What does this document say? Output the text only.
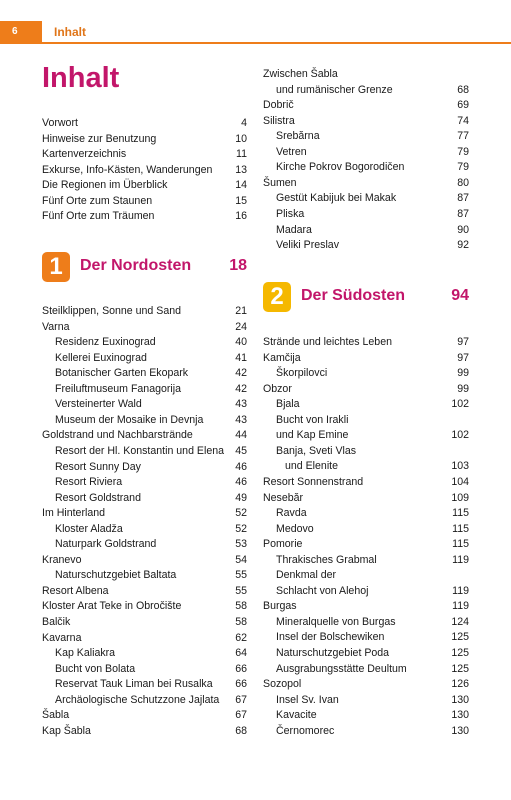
6	Inhalt
Inhalt
Vorwort	4
Hinweise zur Benutzung	10
Kartenverzeichnis	11
Exkurse, Info-Kästen, Wanderungen 13
Die Regionen im Überblick	14
Fünf Orte zum Staunen	15
Fünf Orte zum Träumen	16
1	Der Nordosten 18
Steilklippen, Sonne und Sand	21
Varna	24
Residenz Euxinograd	40
Kellerei Euxinograd	41
Botanischer Garten Ekopark	42
Freiluftmuseum Fanagorija	42
Versteinerter Wald	43
Museum der Mosaike in Devnja	43
Goldstrand und Nachbarstrände	44
Resort der Hl. Konstantin und Elena 45
Resort Sunny Day	46
Resort Riviera	46
Resort Goldstrand	49
Im Hinterland	52
Kloster Aladža	52
Naturpark Goldstrand	53
Kranevo	54
Naturschutzgebiet Baltata	55
Resort Albena	55
Kloster Arat Teke in Obročište	58
Balčik	58
Kavarna	62
Kap Kaliakra	64
Bucht von Bolata	66
Reservat Tauk Liman bei Rusalka 66
Archäologische Schutzzone Jajlata 67
Šabla	67
Kap Šabla	68
Zwischen Šabla
und rumänischer Grenze	68
Dobrič	69
Silistra	74
Srebărna	77
Vetren	79
Kirche Pokrov Bogorodičen	79
Šumen	80
Gestüt Kabijuk bei Makak	87
Pliska	87
Madara	90
Veliki Preslav	92
2	Der Südosten	94
Strände und leichtes Leben	97
Kamčija	97
Škorpilovci	99
Obzor	99
Bjala	102
Bucht von Irakli
und Kap Emine	102
Banja, Sveti Vlas
und Elenite	103
Resort Sonnenstrand	104
Nesebăr	109
Ravda	115
Medovo	115
Pomorie	115
Thrakisches Grabmal	119
Denkmal der
Schlacht von Alehoj	119
Burgas	119
Mineralquelle von Burgas	124
Insel der Bolschewiken	125
Naturschutzgebiet Poda	125
Ausgrabungsstätte Deultum	125
Sozopol	126
Insel Sv. Ivan	130
Kavacite	130
Černomorec	130
